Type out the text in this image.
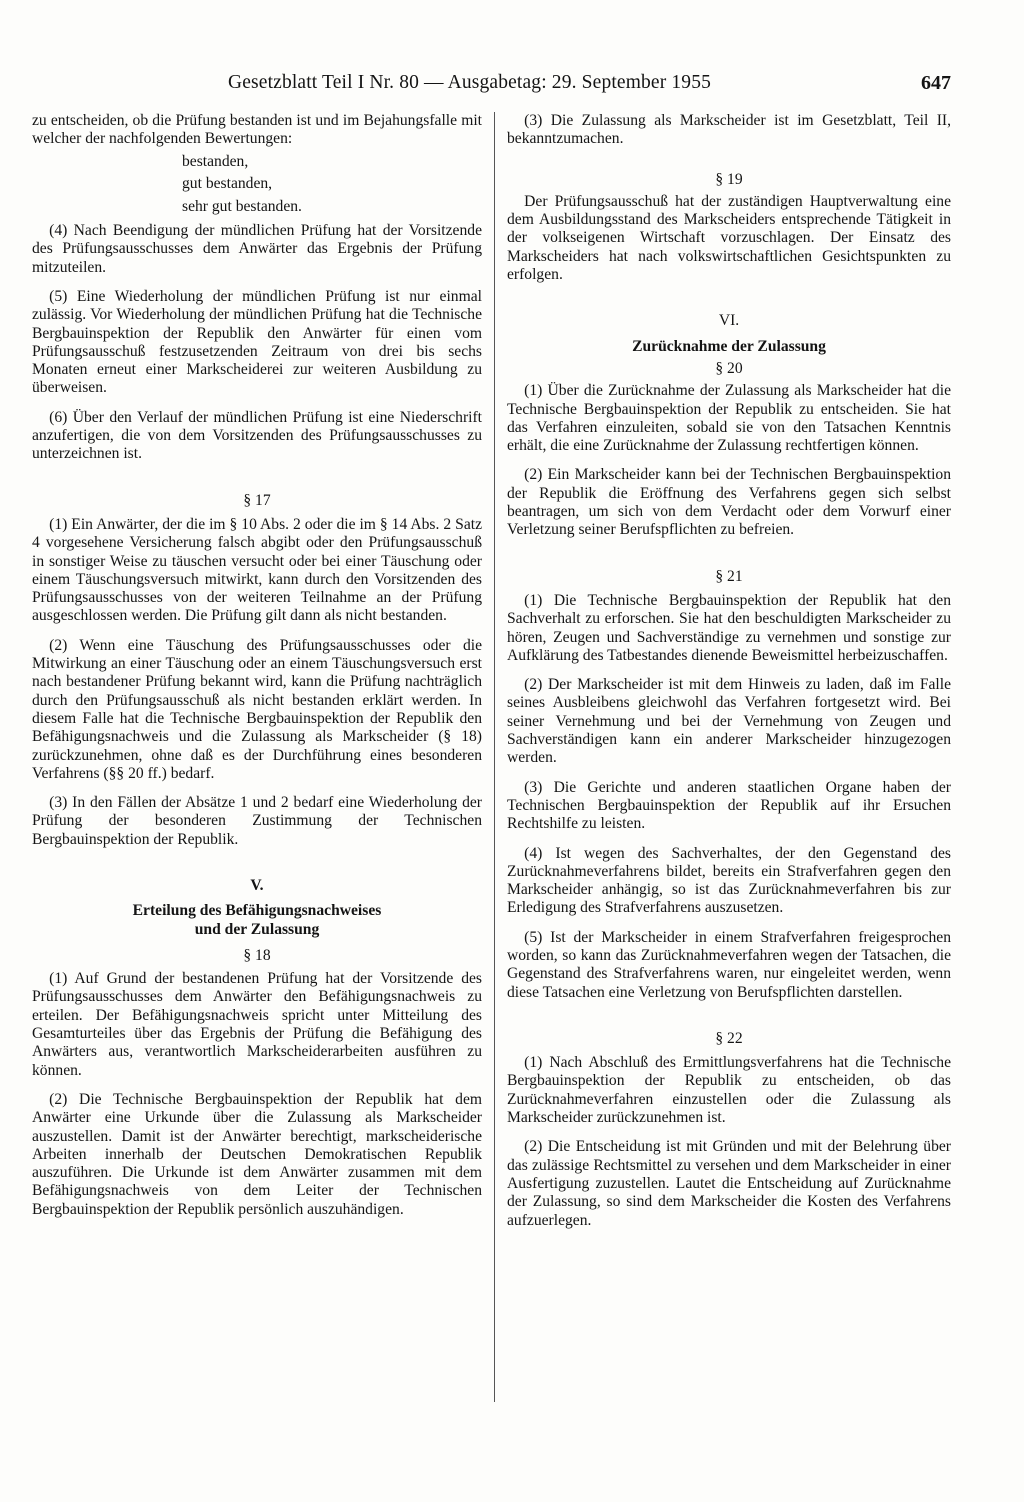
Gesetzblatt Teil I Nr. 80 — Ausgabetag: 29. September 1955	647

zu entscheiden, ob die Prüfung bestanden ist und im Bejahungsfalle mit welcher der nachfolgenden Bewertungen:

bestanden,
gut bestanden,
sehr gut bestanden.

(4) Nach Beendigung der mündlichen Prüfung hat der Vorsitzende des Prüfungsausschusses dem Anwärter das Ergebnis der Prüfung mitzuteilen.

(5) Eine Wiederholung der mündlichen Prüfung ist nur einmal zulässig. Vor Wiederholung der mündlichen Prüfung hat die Technische Bergbauinspektion der Republik den Anwärter für einen vom Prüfungsausschuß festzusetzenden Zeitraum von drei bis sechs Monaten erneut einer Markscheiderei zur weiteren Ausbildung zu überweisen.

(6) Über den Verlauf der mündlichen Prüfung ist eine Niederschrift anzufertigen, die von dem Vorsitzenden des Prüfungsausschusses zu unterzeichnen ist.

§ 17

(1) Ein Anwärter, der die im § 10 Abs. 2 oder die im § 14 Abs. 2 Satz 4 vorgesehene Versicherung falsch abgibt oder den Prüfungsausschuß in sonstiger Weise zu täuschen versucht oder bei einer Täuschung oder einem Täuschungsversuch mitwirkt, kann durch den Vorsitzenden des Prüfungsausschusses von der weiteren Teilnahme an der Prüfung ausgeschlossen werden. Die Prüfung gilt dann als nicht bestanden.

(2) Wenn eine Täuschung des Prüfungsausschusses oder die Mitwirkung an einer Täuschung oder an einem Täuschungsversuch erst nach bestandener Prüfung bekannt wird, kann die Prüfung nachträglich durch den Prüfungsausschuß als nicht bestanden erklärt werden. In diesem Falle hat die Technische Bergbauinspektion der Republik den Befähigungsnachweis und die Zulassung als Markscheider (§ 18) zurückzunehmen, ohne daß es der Durchführung eines besonderen Verfahrens (§§ 20 ff.) bedarf.

(3) In den Fällen der Absätze 1 und 2 bedarf eine Wiederholung der Prüfung der besonderen Zustimmung der Technischen Bergbauinspektion der Republik.

V.
Erteilung des Befähigungsnachweises
und der Zulassung
§ 18

(1) Auf Grund der bestandenen Prüfung hat der Vorsitzende des Prüfungsausschusses dem Anwärter den Befähigungsnachweis zu erteilen. Der Befähigungsnachweis spricht unter Mitteilung des Gesamturteiles über das Ergebnis der Prüfung die Befähigung des Anwärters aus, verantwortlich Markscheiderarbeiten ausführen zu können.

(2) Die Technische Bergbauinspektion der Republik hat dem Anwärter eine Urkunde über die Zulassung als Markscheider auszustellen. Damit ist der Anwärter berechtigt, markscheiderische Arbeiten innerhalb der Deutschen Demokratischen Republik auszuführen. Die Urkunde ist dem Anwärter zusammen mit dem Befähigungsnachweis von dem Leiter der Technischen Bergbauinspektion der Republik persönlich auszuhändigen.

(3) Die Zulassung als Markscheider ist im Gesetzblatt, Teil II, bekanntzumachen.

§ 19

Der Prüfungsausschuß hat der zuständigen Hauptverwaltung eine dem Ausbildungsstand des Markscheiders entsprechende Tätigkeit in der volkseigenen Wirtschaft vorzuschlagen. Der Einsatz des Markscheiders hat nach volkswirtschaftlichen Gesichtspunkten zu erfolgen.

VI.
Zurücknahme der Zulassung
§ 20

(1) Über die Zurücknahme der Zulassung als Markscheider hat die Technische Bergbauinspektion der Republik zu entscheiden. Sie hat das Verfahren einzuleiten, sobald sie von den Tatsachen Kenntnis erhält, die eine Zurücknahme der Zulassung rechtfertigen können.

(2) Ein Markscheider kann bei der Technischen Bergbauinspektion der Republik die Eröffnung des Verfahrens gegen sich selbst beantragen, um sich von dem Verdacht oder dem Vorwurf einer Verletzung seiner Berufspflichten zu befreien.

§ 21

(1) Die Technische Bergbauinspektion der Republik hat den Sachverhalt zu erforschen. Sie hat den beschuldigten Markscheider zu hören, Zeugen und Sachverständige zu vernehmen und sonstige zur Aufklärung des Tatbestandes dienende Beweismittel herbeizuschaffen.

(2) Der Markscheider ist mit dem Hinweis zu laden, daß im Falle seines Ausbleibens gleichwohl das Verfahren fortgesetzt wird. Bei seiner Vernehmung und bei der Vernehmung von Zeugen und Sachverständigen kann ein anderer Markscheider hinzugezogen werden.

(3) Die Gerichte und anderen staatlichen Organe haben der Technischen Bergbauinspektion der Republik auf ihr Ersuchen Rechtshilfe zu leisten.

(4) Ist wegen des Sachverhaltes, der den Gegenstand des Zurücknahmeverfahrens bildet, bereits ein Strafverfahren gegen den Markscheider anhängig, so ist das Zurücknahmeverfahren bis zur Erledigung des Strafverfahrens auszusetzen.

(5) Ist der Markscheider in einem Strafverfahren freigesprochen worden, so kann das Zurücknahmeverfahren wegen der Tatsachen, die Gegenstand des Strafverfahrens waren, nur eingeleitet werden, wenn diese Tatsachen eine Verletzung von Berufspflichten darstellen.

§ 22

(1) Nach Abschluß des Ermittlungsverfahrens hat die Technische Bergbauinspektion der Republik zu entscheiden, ob das Zurücknahmeverfahren einzustellen oder die Zulassung als Markscheider zurückzunehmen ist.

(2) Die Entscheidung ist mit Gründen und mit der Belehrung über das zulässige Rechtsmittel zu versehen und dem Markscheider in einer Ausfertigung zuzustellen. Lautet die Entscheidung auf Zurücknahme der Zulassung, so sind dem Markscheider die Kosten des Verfahrens aufzuerlegen.
